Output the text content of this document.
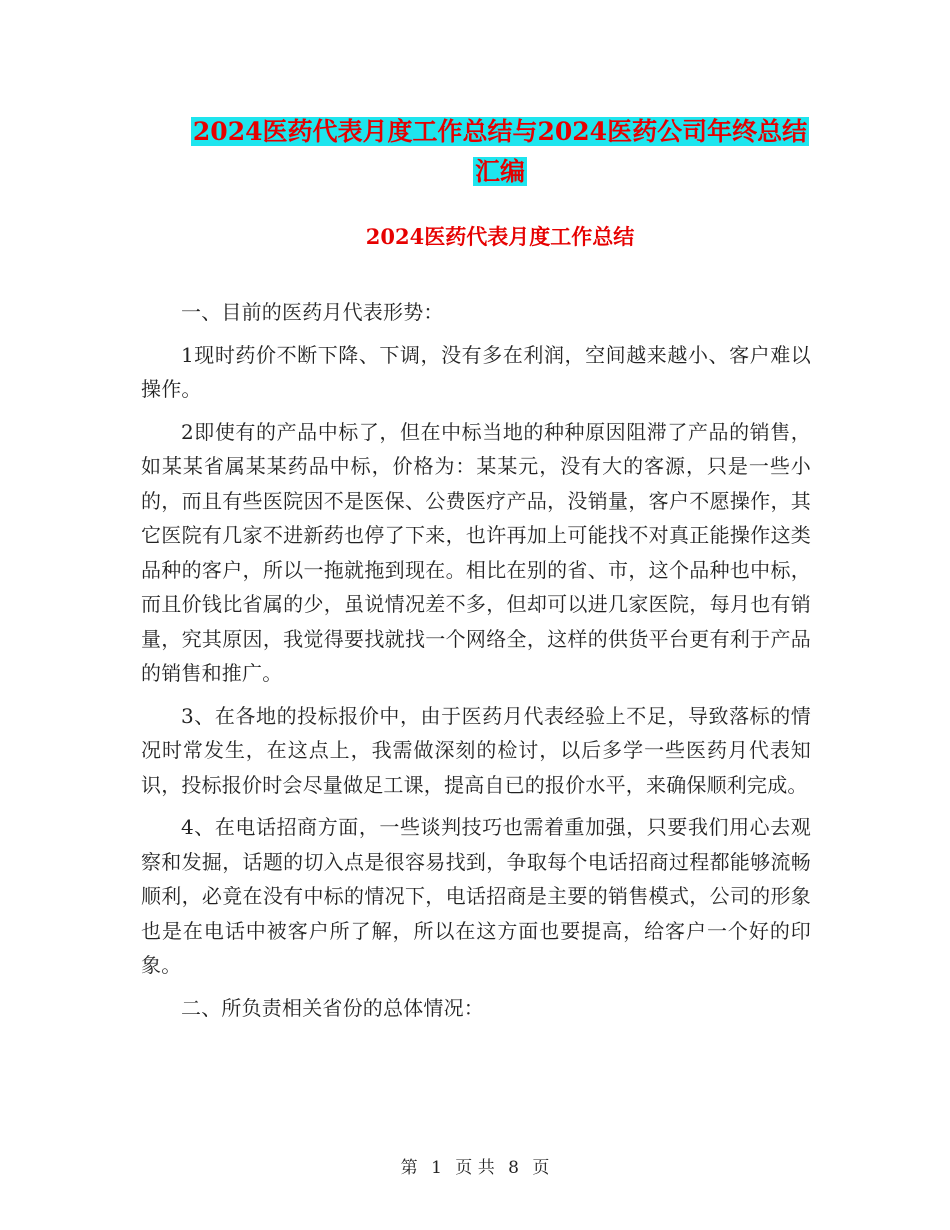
2024医药代表月度工作总结与2024医药公司年终总结
汇编
2024医药代表月度工作总结

一、目前的医药月代表形势：

1现时药价不断下降、下调，没有多在利润，空间越来越小、客户难以操作。

2即使有的产品中标了，但在中标当地的种种原因阻滞了产品的销售，如某某省属某某药品中标，价格为：某某元，没有大的客源，只是一些小的，而且有些医院因不是医保、公费医疗产品，没销量，客户不愿操作，其它医院有几家不进新药也停了下来，也许再加上可能找不对真正能操作这类品种的客户，所以一拖就拖到现在。相比在别的省、市，这个品种也中标，而且价钱比省属的少，虽说情况差不多，但却可以进几家医院，每月也有销量，究其原因，我觉得要找就找一个网络全，这样的供货平台更有利于产品的销售和推广。

3、在各地的投标报价中，由于医药月代表经验上不足，导致落标的情况时常发生，在这点上，我需做深刻的检讨，以后多学一些医药月代表知识，投标报价时会尽量做足工课，提高自已的报价水平，来确保顺利完成。

4、在电话招商方面，一些谈判技巧也需着重加强，只要我们用心去观察和发掘，话题的切入点是很容易找到，争取每个电话招商过程都能够流畅顺利，必竟在没有中标的情况下，电话招商是主要的销售模式，公司的形象也是在电话中被客户所了解，所以在这方面也要提高，给客户一个好的印象。

二、所负责相关省份的总体情况：

第 1 页 共 8 页
